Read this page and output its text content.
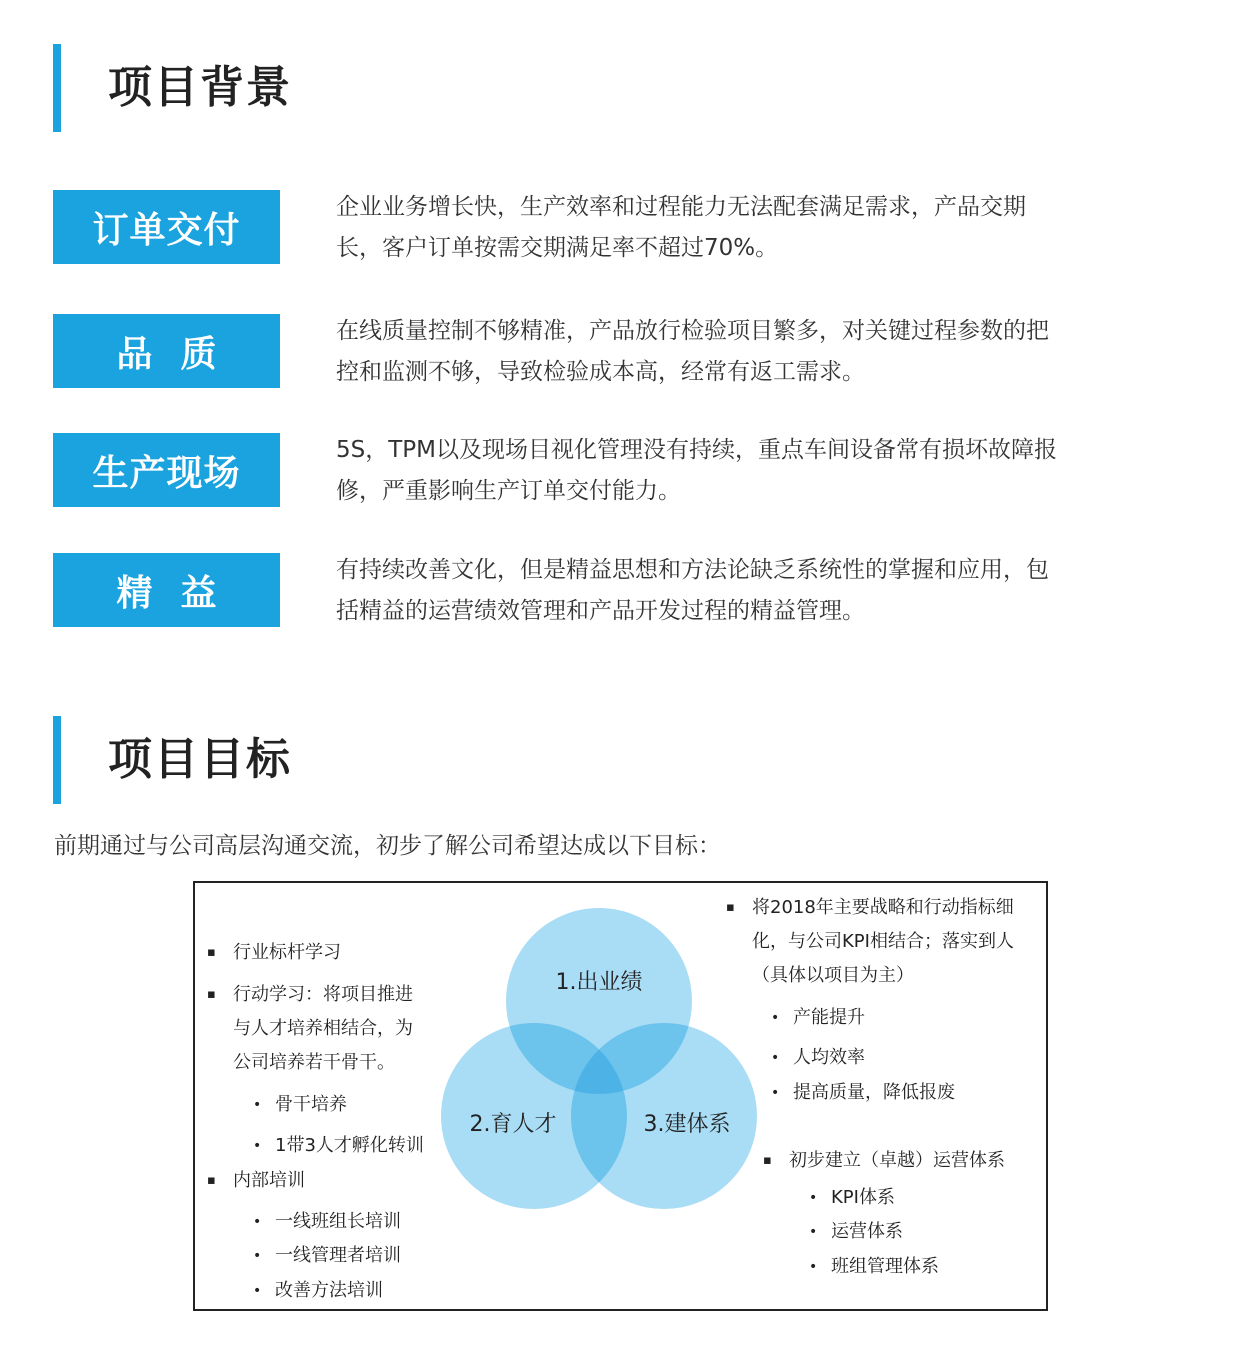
项目背景
订单交付
企业业务增长快，生产效率和过程能力无法配套满足需求，产品交期
长，客户订单按需交期满足率不超过70%。
品质
在线质量控制不够精准，产品放行检验项目繁多，对关键过程参数的把
控和监测不够，导致检验成本高，经常有返工需求。
生产现场
5S，TPM以及现场目视化管理没有持续，重点车间设备常有损坏故障报
修，严重影响生产订单交付能力。
精益
有持续改善文化，但是精益思想和方法论缺乏系统性的掌握和应用，包
括精益的运营绩效管理和产品开发过程的精益管理。
项目目标
前期通过与公司高层沟通交流，初步了解公司希望达成以下目标：
1.出业绩
2.育人才	3.建体系
▪ 行业标杆学习
▪ 行动学习：将项目推进
与人才培养相结合，为
公司培养若干骨干。
• 骨干培养
• 1带3人才孵化转训
▪ 内部培训
• 一线班组长培训
• 一线管理者培训
• 改善方法培训
▪ 将2018年主要战略和行动指标细
化，与公司KPI相结合；落实到人
（具体以项目为主）
• 产能提升
• 人均效率
• 提高质量，降低报废
▪ 初步建立（卓越）运营体系
• KPI体系
• 运营体系
• 班组管理体系
